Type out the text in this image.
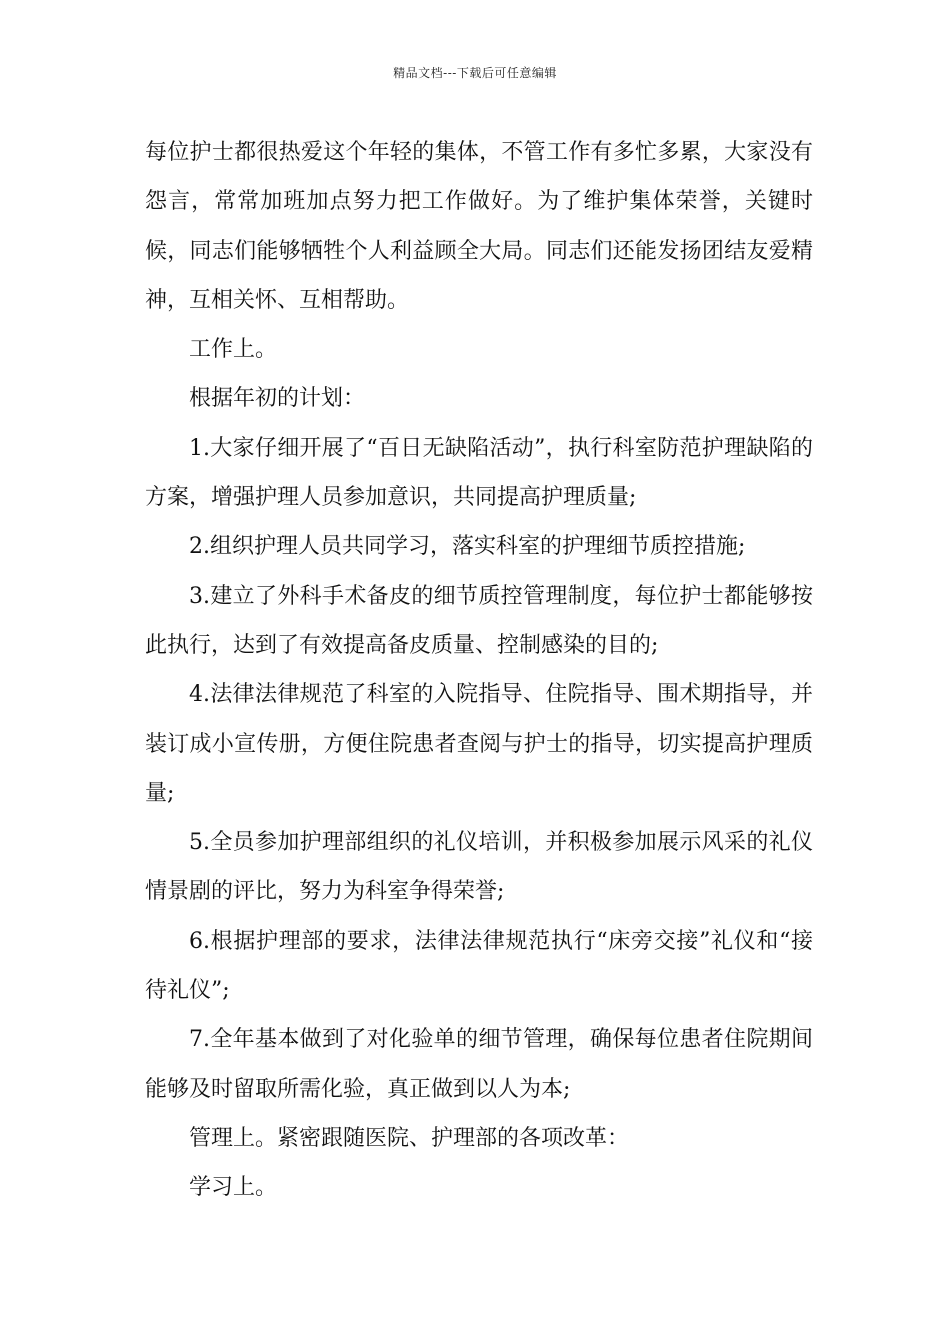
精品文档---下载后可任意编辑

每位护士都很热爱这个年轻的集体，不管工作有多忙多累，大家没有怨言，常常加班加点努力把工作做好。为了维护集体荣誉，关键时候，同志们能够牺牲个人利益顾全大局。同志们还能发扬团结友爱精神，互相关怀、互相帮助。

工作上。

根据年初的计划：

1.大家仔细开展了“百日无缺陷活动”，执行科室防范护理缺陷的方案，增强护理人员参加意识，共同提高护理质量;

2.组织护理人员共同学习，落实科室的护理细节质控措施;

3.建立了外科手术备皮的细节质控管理制度，每位护士都能够按此执行，达到了有效提高备皮质量、控制感染的目的;

4.法律法律规范了科室的入院指导、住院指导、围术期指导，并装订成小宣传册，方便住院患者查阅与护士的指导，切实提高护理质量;

5.全员参加护理部组织的礼仪培训，并积极参加展示风采的礼仪情景剧的评比，努力为科室争得荣誉;

6.根据护理部的要求，法律法律规范执行“床旁交接”礼仪和“接待礼仪”;

7.全年基本做到了对化验单的细节管理，确保每位患者住院期间能够及时留取所需化验，真正做到以人为本;

管理上。紧密跟随医院、护理部的各项改革：

学习上。
